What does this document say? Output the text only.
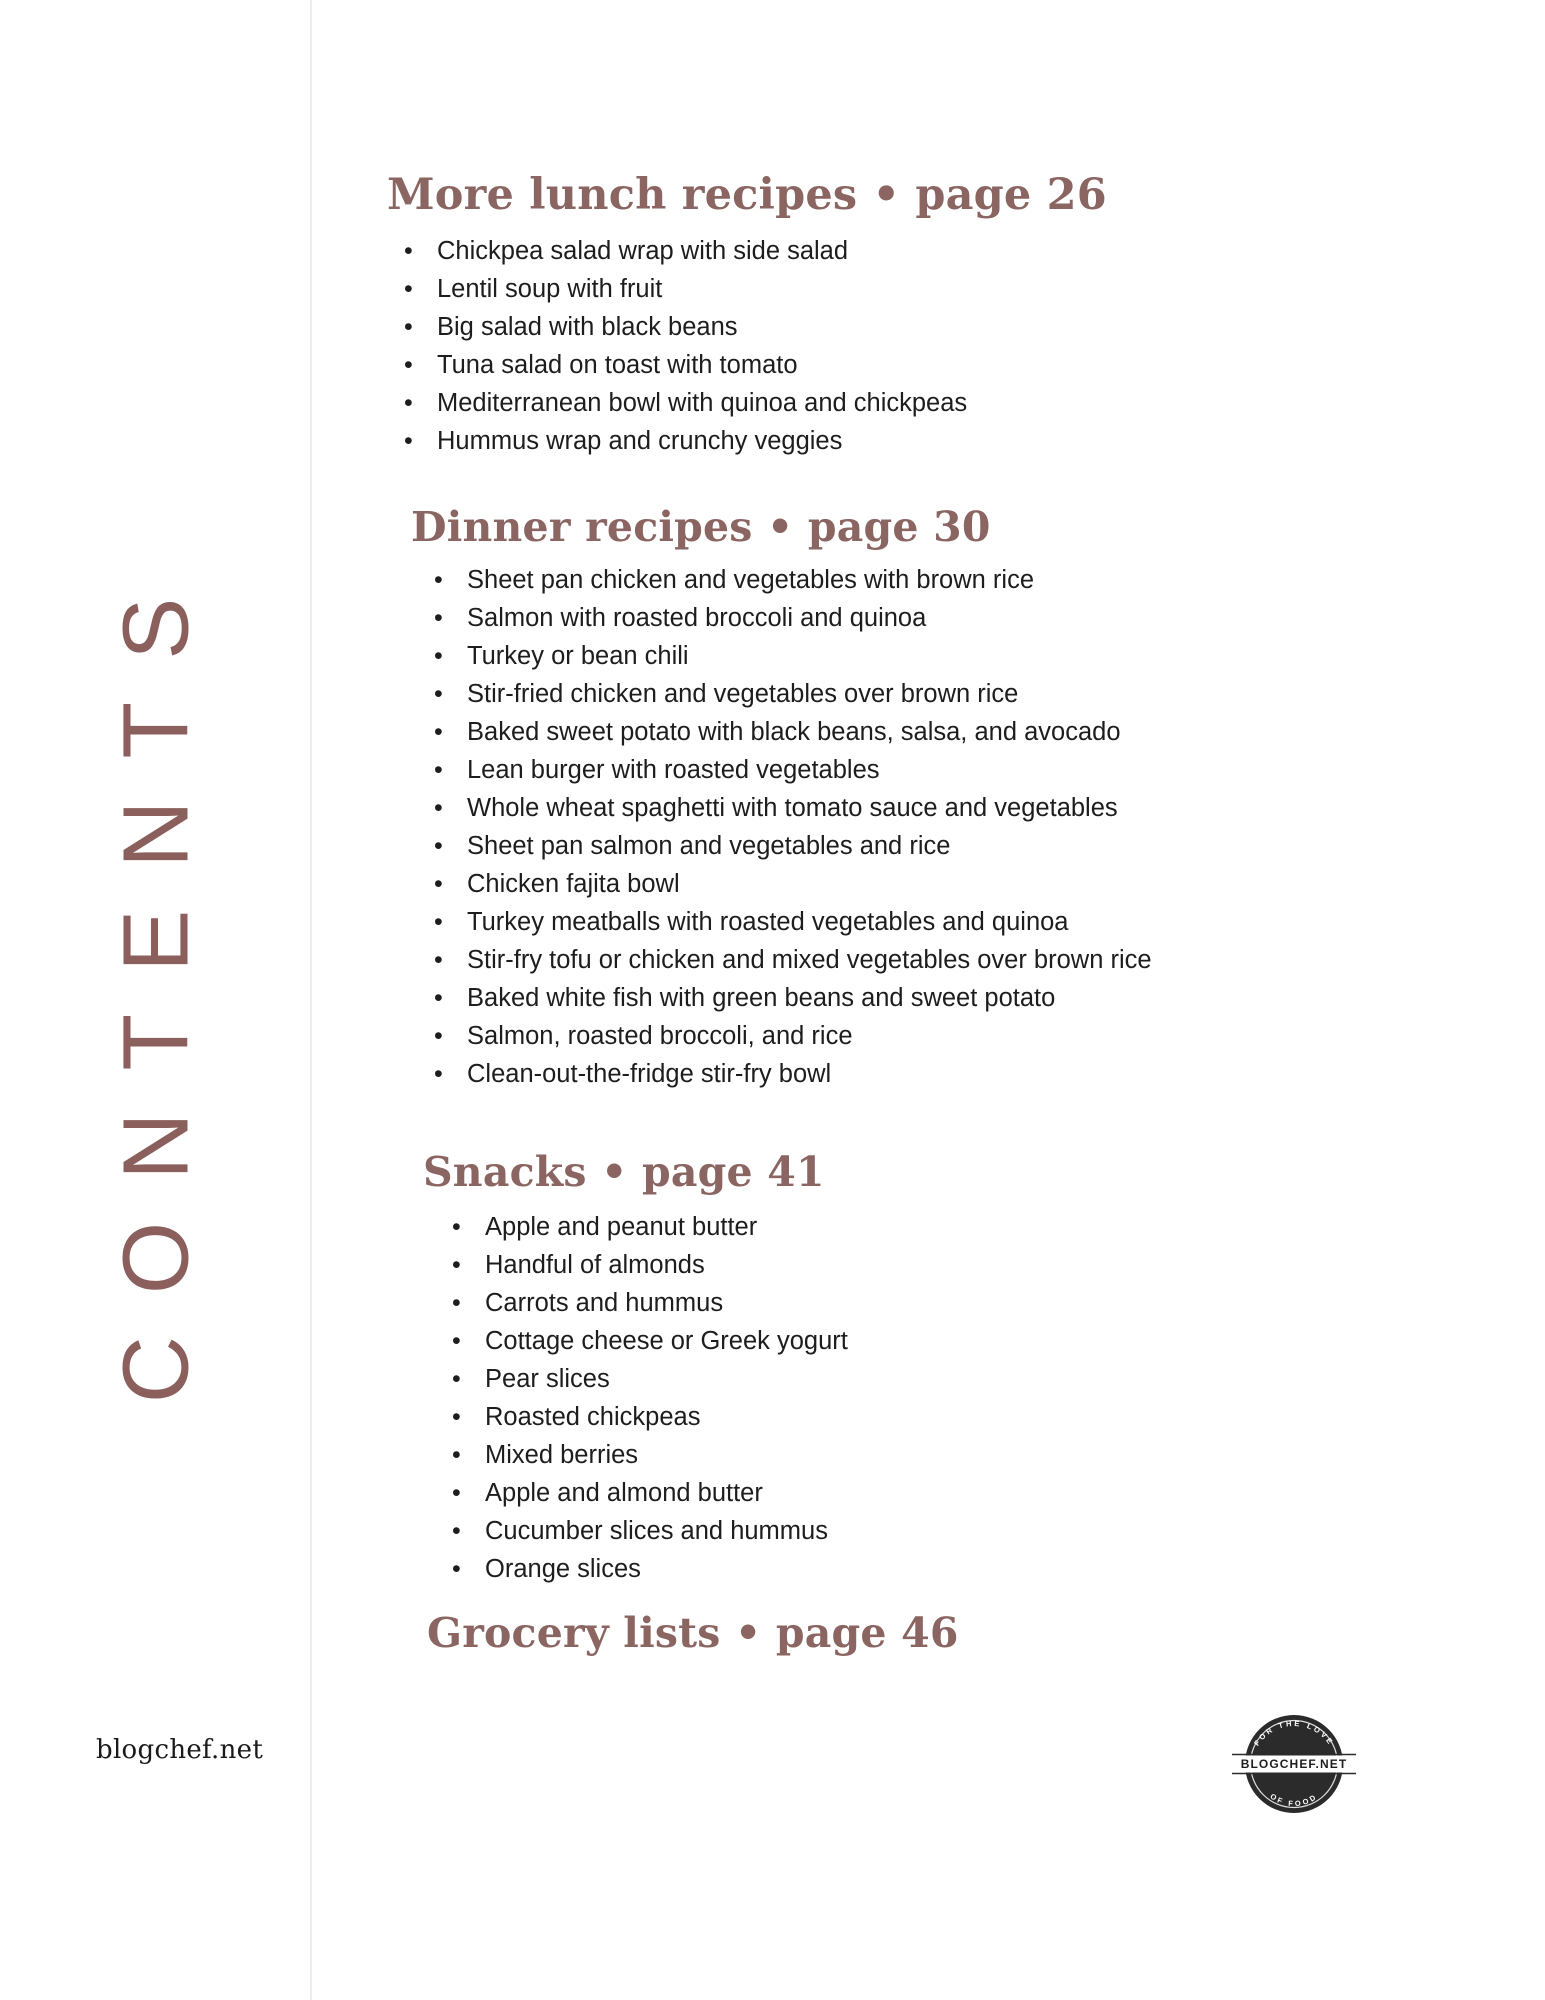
CONTENTS
More lunch recipes • page 26
• Chickpea salad wrap with side salad
• Lentil soup with fruit
• Big salad with black beans
• Tuna salad on toast with tomato
• Mediterranean bowl with quinoa and chickpeas
• Hummus wrap and crunchy veggies
Dinner recipes • page 30
• Sheet pan chicken and vegetables with brown rice
• Salmon with roasted broccoli and quinoa
• Turkey or bean chili
• Stir-fried chicken and vegetables over brown rice
• Baked sweet potato with black beans, salsa, and avocado
• Lean burger with roasted vegetables
• Whole wheat spaghetti with tomato sauce and vegetables
• Sheet pan salmon and vegetables and rice
• Chicken fajita bowl
• Turkey meatballs with roasted vegetables and quinoa
• Stir-fry tofu or chicken and mixed vegetables over brown rice
• Baked white fish with green beans and sweet potato
• Salmon, roasted broccoli, and rice
• Clean-out-the-fridge stir-fry bowl
Snacks • page 41
• Apple and peanut butter
• Handful of almonds
• Carrots and hummus
• Cottage cheese or Greek yogurt
• Pear slices
• Roasted chickpeas
• Mixed berries
• Apple and almond butter
• Cucumber slices and hummus
• Orange slices
Grocery lists • page 46
blogchef.net	FOR THE LOVE
OF FOOD
BLOGCHEF.NET
